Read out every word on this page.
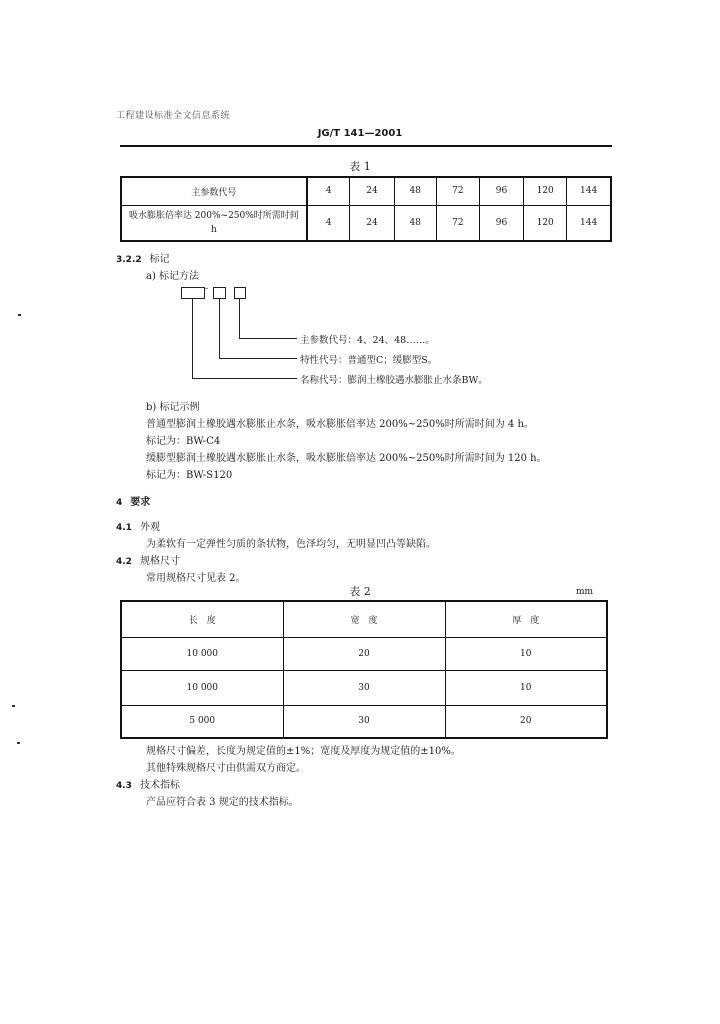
工程建设标准全文信息系统
JG/T 141—2001
表 1
主参数代号	4	24	48	72	96	120	144
吸水膨胀倍率达 200%~250%时所需时间
h	4	24	48	72	96	120	144
3.2.2 标记
a) 标记方法
-
主参数代号：4、24、48……。
特性代号：普通型C；缓膨型S。
名称代号：膨润土橡胶遇水膨胀止水条BW。
b) 标记示例
普通型膨润土橡胶遇水膨胀止水条，吸水膨胀倍率达 200%~250%时所需时间为 4 h。
标记为：BW-C4
缓膨型膨润土橡胶遇水膨胀止水条，吸水膨胀倍率达 200%~250%时所需时间为 120 h。
标记为：BW-S120
4 要求
4.1 外观
为柔软有一定弹性匀质的条状物，色泽均匀，无明显凹凸等缺陷。
4.2 规格尺寸
常用规格尺寸见表 2。
表 2	mm
长　度	宽　度	厚　度
10 000	20	10
10 000	30	10
5 000	30	20
规格尺寸偏差，长度为规定值的±1%；宽度及厚度为规定值的±10%。
其他特殊规格尺寸由供需双方商定。
4.3 技术指标
产品应符合表 3 规定的技术指标。
